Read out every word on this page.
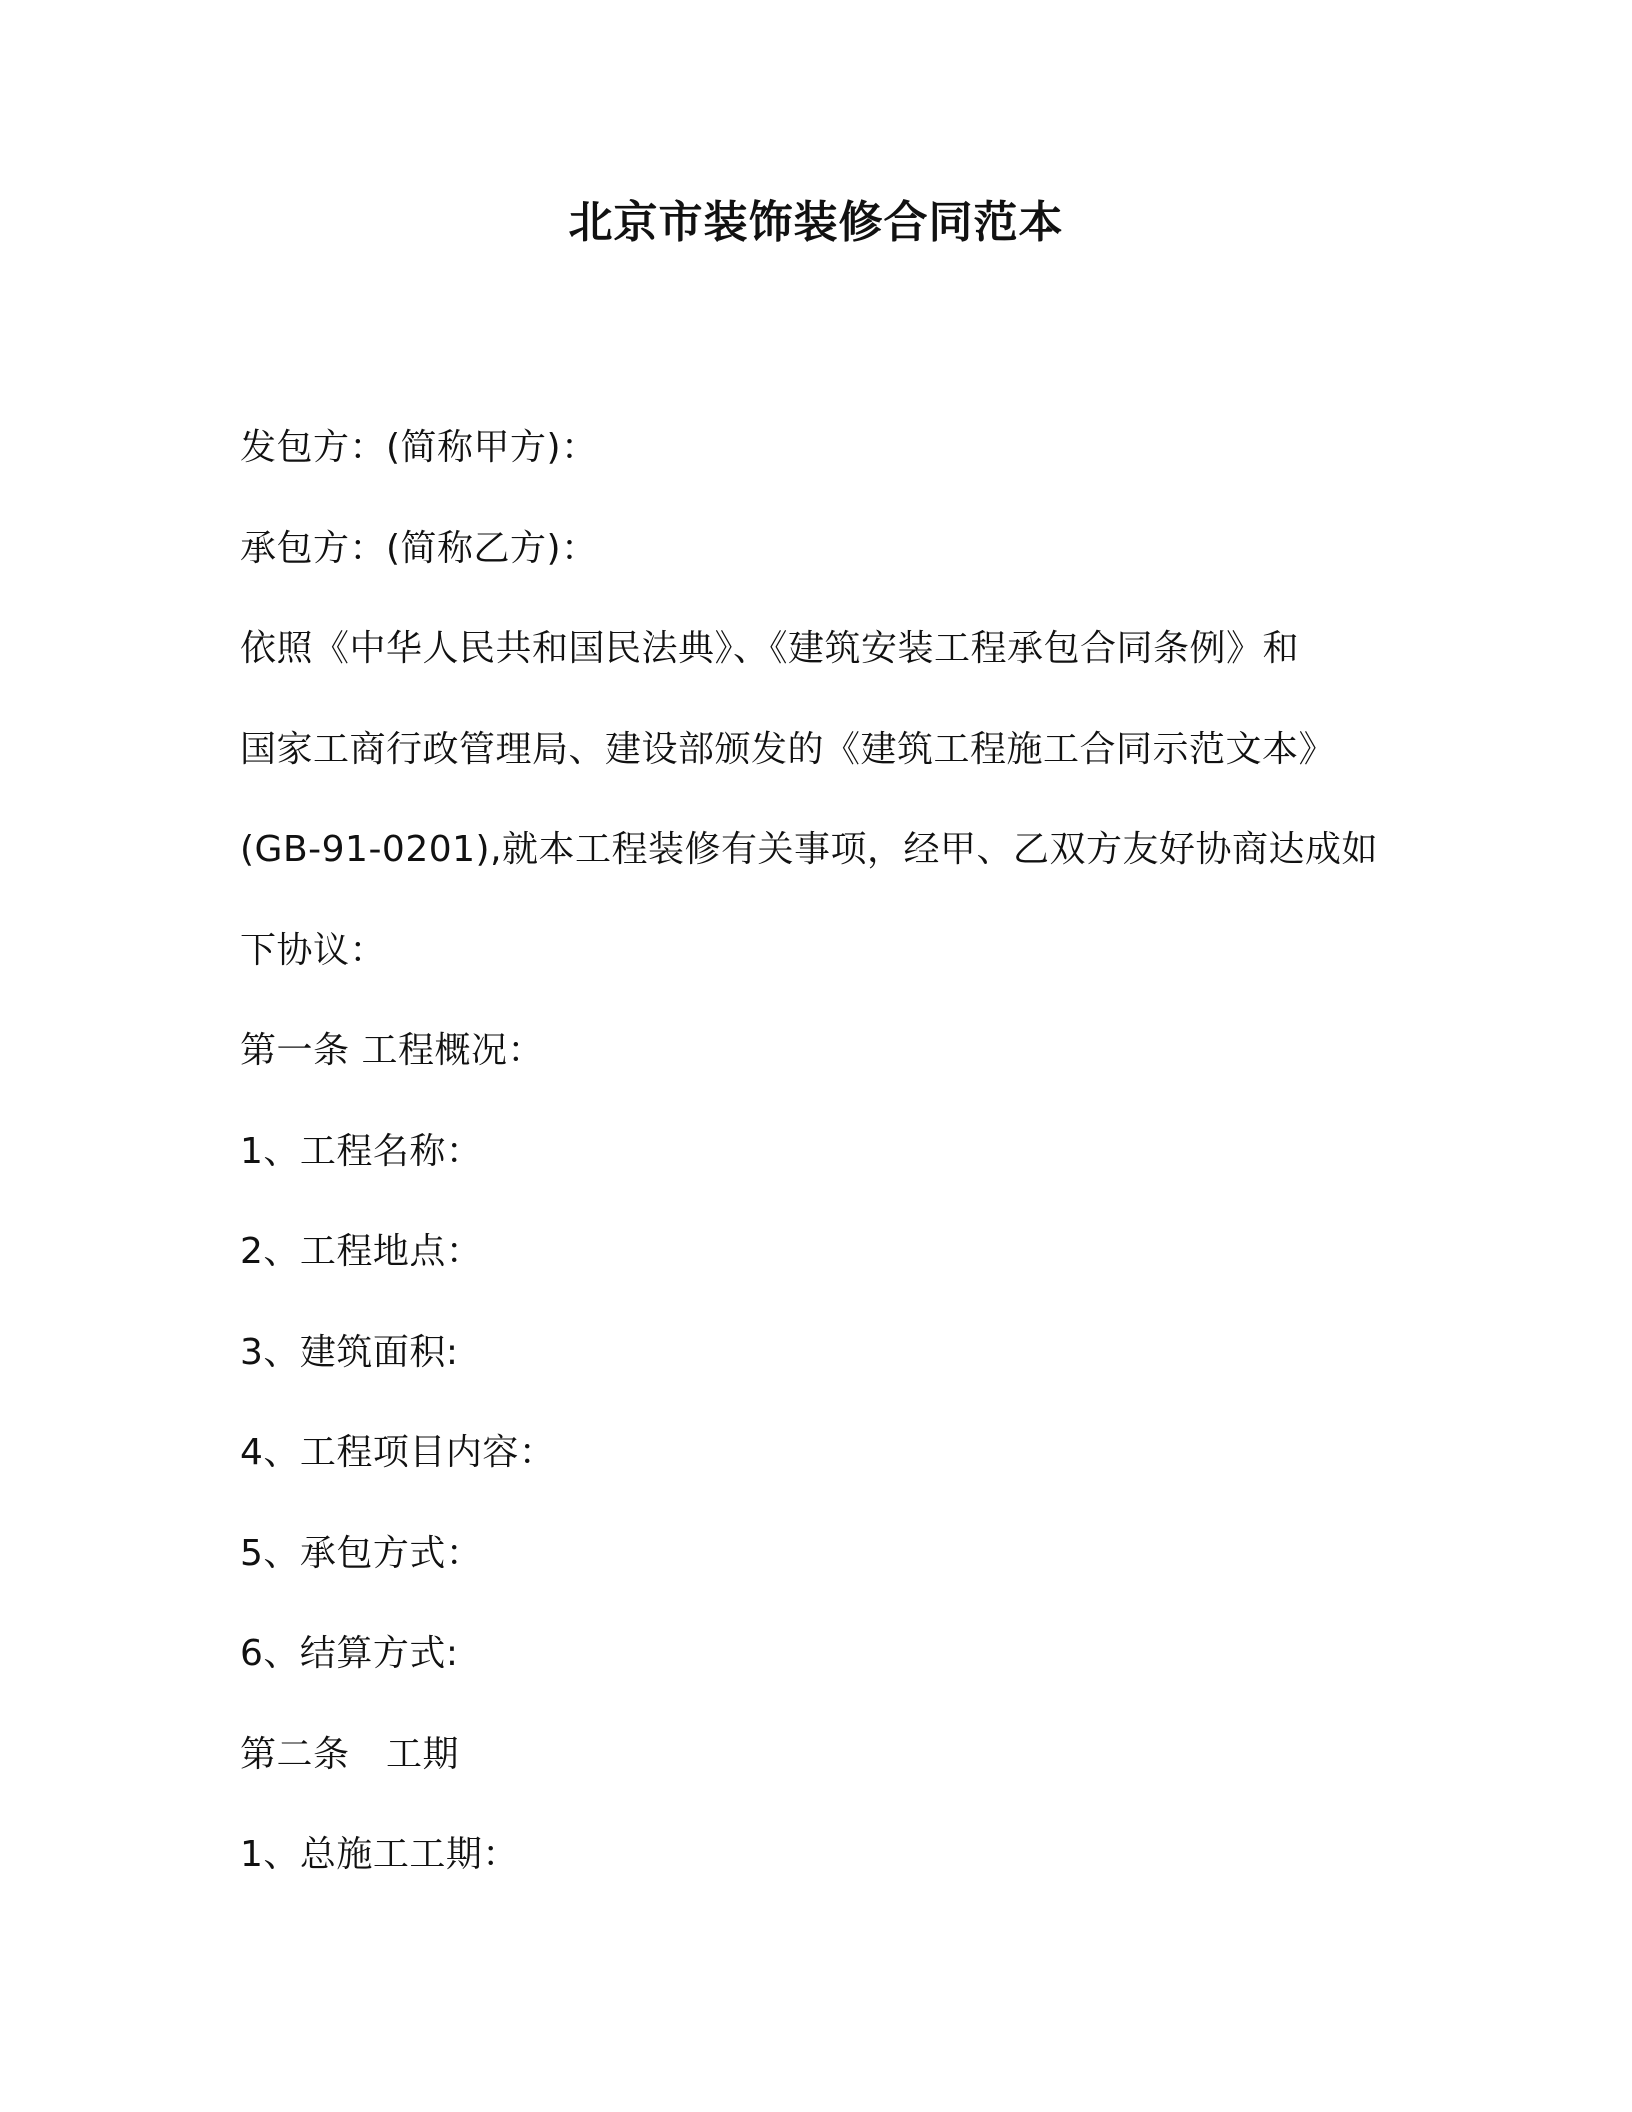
北京市装饰装修合同范本
发包方：(简称甲方)：
承包方：(简称乙方)：
依照《中华人民共和国民法典》、《建筑安装工程承包合同条例》和
国家工商行政管理局、建设部颁发的《建筑工程施工合同示范文本》
(GB-91-0201),就本工程装修有关事项，经甲、乙双方友好协商达成如
下协议：
第一条 工程概况：
1、工程名称：
2、工程地点：
3、建筑面积:
4、工程项目内容：
5、承包方式：
6、结算方式:
第二条　工期
1、总施工工期：
